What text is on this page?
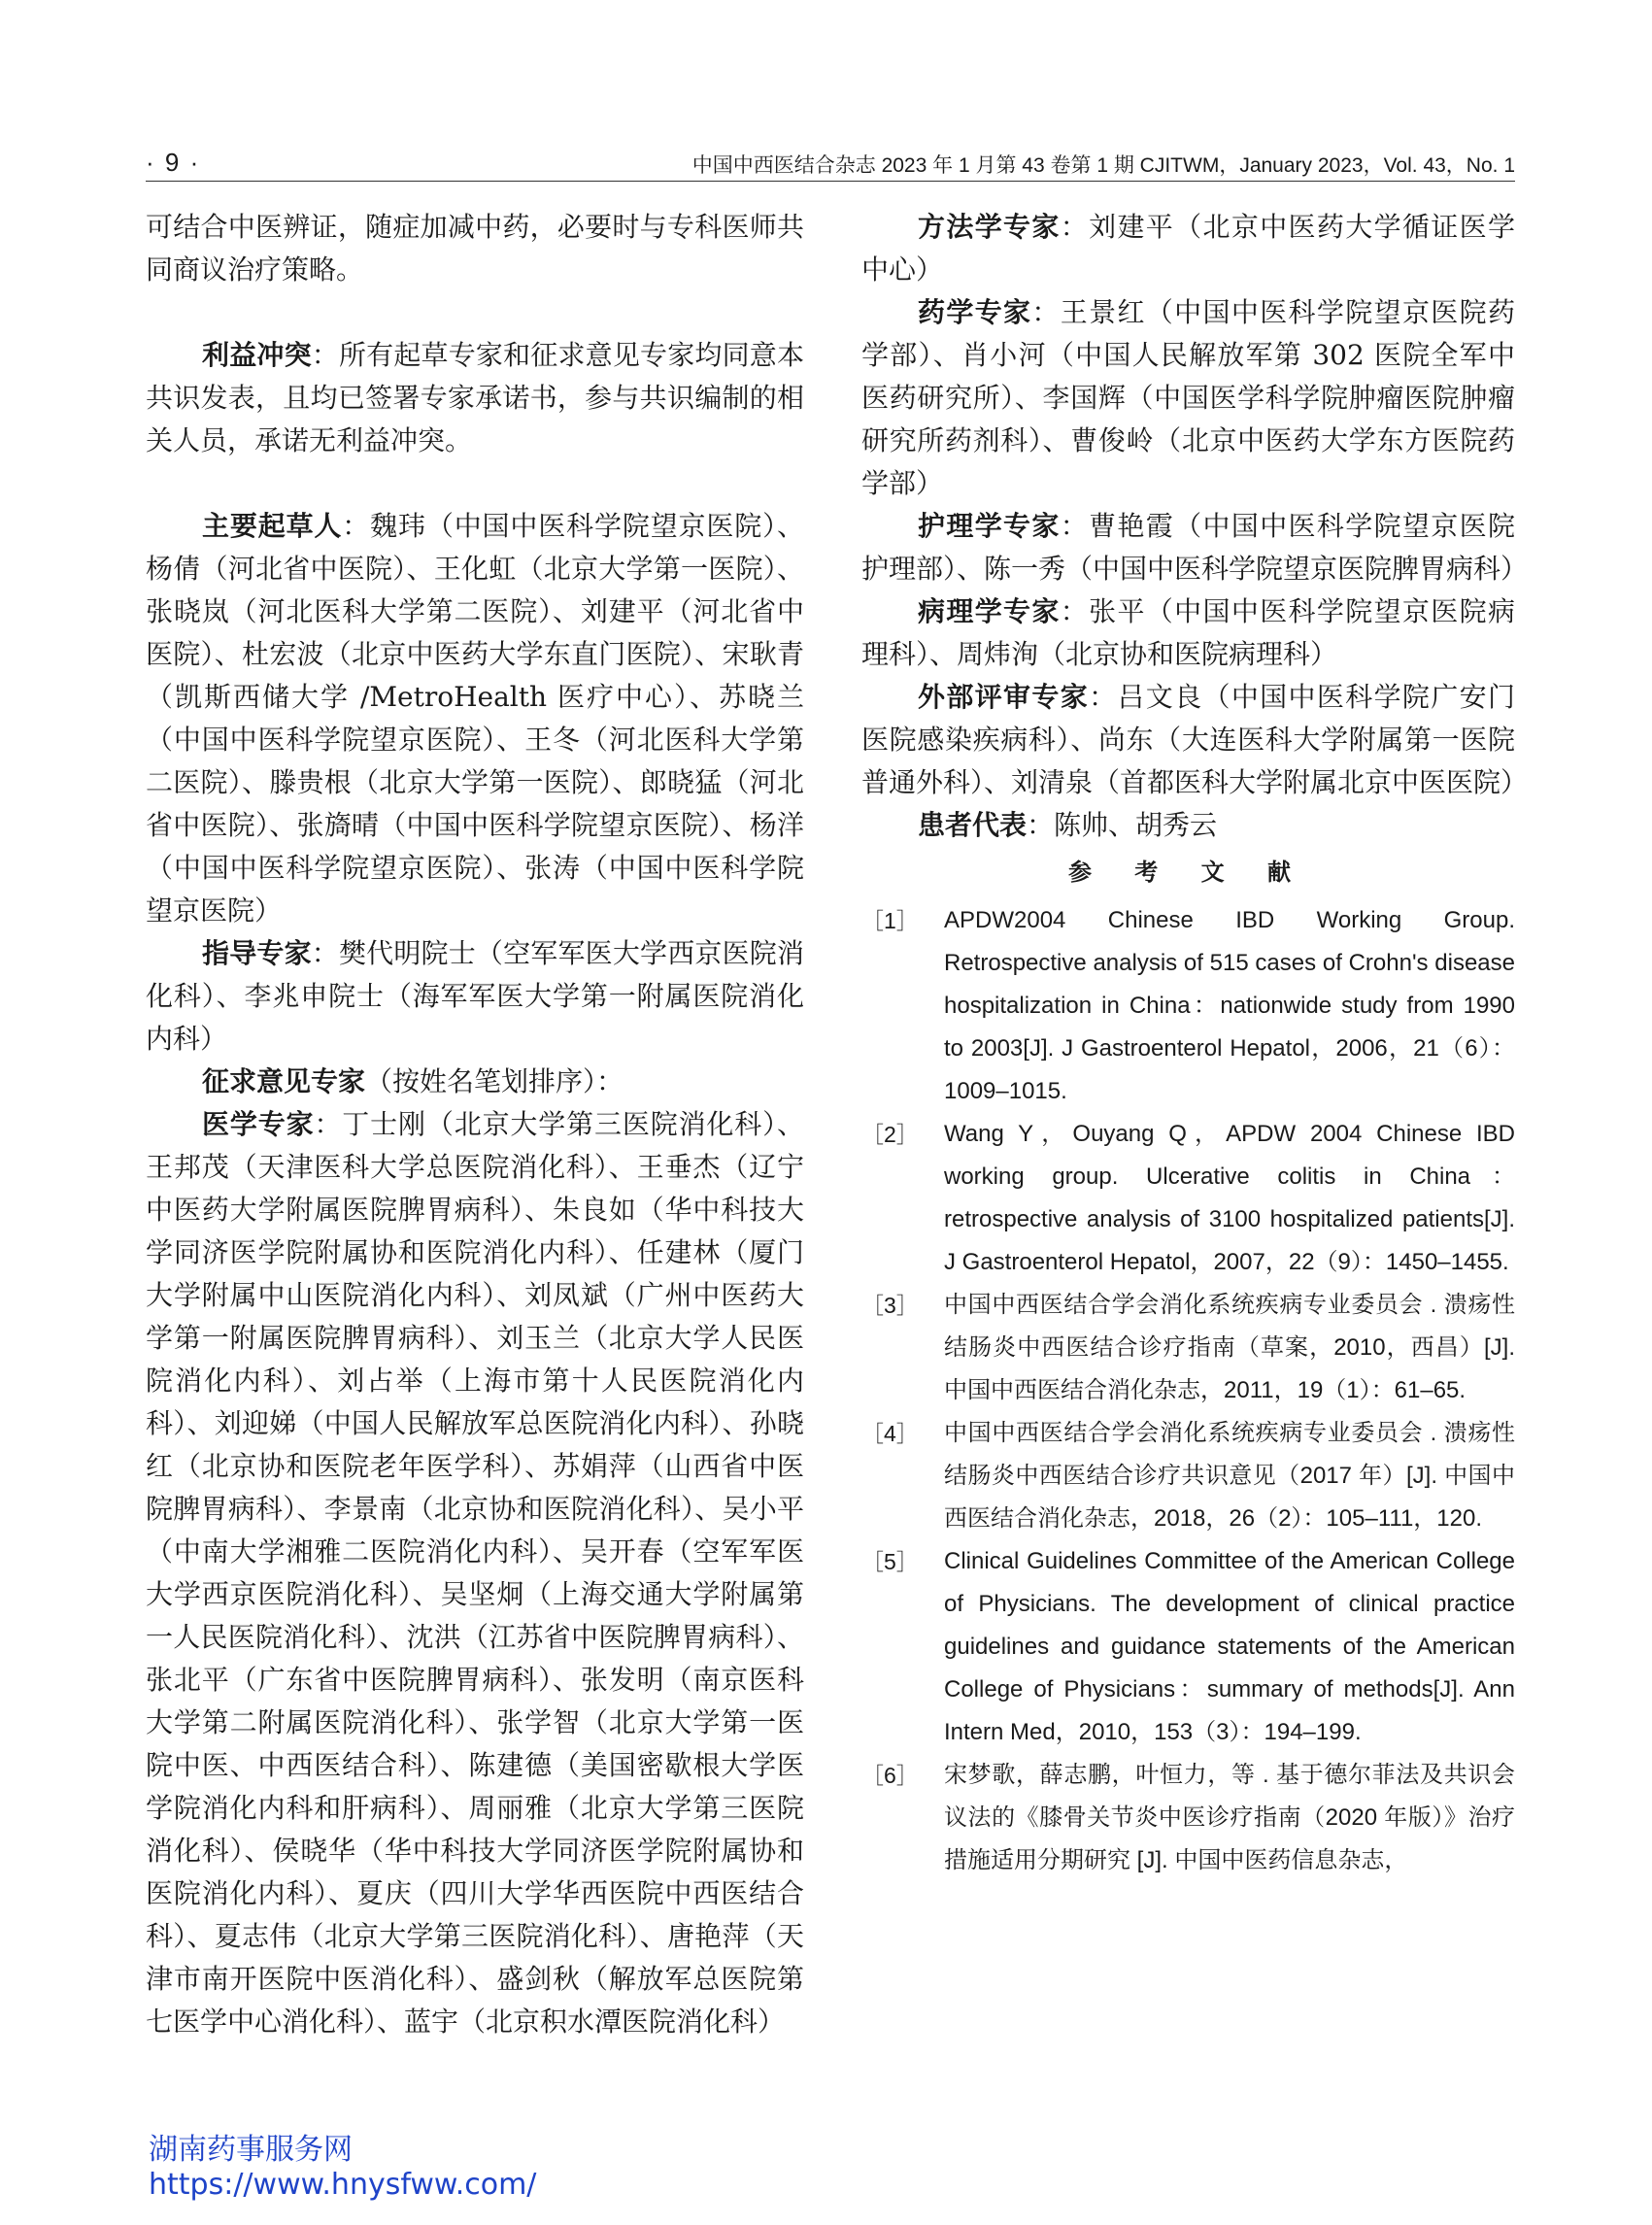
· 9 ·	中国中西医结合杂志 2023 年 1 月第 43 卷第 1 期 CJITWM，January 2023，Vol. 43，No. 1

可结合中医辨证，随症加减中药，必要时与专科医师共同商议治疗策略。

利益冲突：所有起草专家和征求意见专家均同意本共识发表，且均已签署专家承诺书，参与共识编制的相关人员，承诺无利益冲突。

主要起草人：魏玮（中国中医科学院望京医院）、杨倩（河北省中医院）、王化虹（北京大学第一医院）、张晓岚（河北医科大学第二医院）、刘建平（河北省中医院）、杜宏波（北京中医药大学东直门医院）、宋耿青（凯斯西储大学 /MetroHealth 医疗中心）、苏晓兰（中国中医科学院望京医院）、王冬（河北医科大学第二医院）、滕贵根（北京大学第一医院）、郎晓猛（河北省中医院）、张旖晴（中国中医科学院望京医院）、杨洋（中国中医科学院望京医院）、张涛（中国中医科学院望京医院）

指导专家：樊代明院士（空军军医大学西京医院消化科）、李兆申院士（海军军医大学第一附属医院消化内科）

征求意见专家（按姓名笔划排序）：

医学专家：丁士刚（北京大学第三医院消化科）、王邦茂（天津医科大学总医院消化科）、王垂杰（辽宁中医药大学附属医院脾胃病科）、朱良如（华中科技大学同济医学院附属协和医院消化内科）、任建林（厦门大学附属中山医院消化内科）、刘凤斌（广州中医药大学第一附属医院脾胃病科）、刘玉兰（北京大学人民医院消化内科）、刘占举（上海市第十人民医院消化内科）、刘迎娣（中国人民解放军总医院消化内科）、孙晓红（北京协和医院老年医学科）、苏娟萍（山西省中医院脾胃病科）、李景南（北京协和医院消化科）、吴小平（中南大学湘雅二医院消化内科）、吴开春（空军军医大学西京医院消化科）、吴坚炯（上海交通大学附属第一人民医院消化科）、沈洪（江苏省中医院脾胃病科）、张北平（广东省中医院脾胃病科）、张发明（南京医科大学第二附属医院消化科）、张学智（北京大学第一医院中医、中西医结合科）、陈建德（美国密歇根大学医学院消化内科和肝病科）、周丽雅（北京大学第三医院消化科）、侯晓华（华中科技大学同济医学院附属协和医院消化内科）、夏庆（四川大学华西医院中西医结合科）、夏志伟（北京大学第三医院消化科）、唐艳萍（天津市南开医院中医消化科）、盛剑秋（解放军总医院第七医学中心消化科）、蓝宇（北京积水潭医院消化科）

方法学专家：刘建平（北京中医药大学循证医学中心）

药学专家：王景红（中国中医科学院望京医院药学部）、肖小河（中国人民解放军第 302 医院全军中医药研究所）、李国辉（中国医学科学院肿瘤医院肿瘤研究所药剂科）、曹俊岭（北京中医药大学东方医院药学部）

护理学专家：曹艳霞（中国中医科学院望京医院护理部）、陈一秀（中国中医科学院望京医院脾胃病科）

病理学专家：张平（中国中医科学院望京医院病理科）、周炜洵（北京协和医院病理科）

外部评审专家：吕文良（中国中医科学院广安门医院感染疾病科）、尚东（大连医科大学附属第一医院普通外科）、刘清泉（首都医科大学附属北京中医医院）

患者代表：陈帅、胡秀云

参 考 文 献
［1］	APDW2004 Chinese IBD Working Group. Retrospective analysis of 515 cases of Crohn's disease hospitalization in China：nationwide study from 1990 to 2003[J]. J Gastroenterol Hepatol，2006，21（6）：1009–1015.
［2］	Wang Y，Ouyang Q，APDW 2004 Chinese IBD working group. Ulcerative colitis in China：retrospective analysis of 3100 hospitalized patients[J]. J Gastroenterol Hepatol，2007，22（9）：1450–1455.
［3］	中国中西医结合学会消化系统疾病专业委员会 . 溃疡性结肠炎中西医结合诊疗指南（草案，2010，西昌）[J]. 中国中西医结合消化杂志，2011，19（1）：61–65.
［4］	中国中西医结合学会消化系统疾病专业委员会 . 溃疡性结肠炎中西医结合诊疗共识意见（2017 年）[J]. 中国中西医结合消化杂志，2018，26（2）：105–111，120.
［5］	Clinical Guidelines Committee of the American College of Physicians. The development of clinical practice guidelines and guidance statements of the American College of Physicians：summary of methods[J]. Ann Intern Med，2010，153（3）：194–199.
［6］	宋梦歌，薛志鹏，叶恒力，等 . 基于德尔菲法及共识会议法的《膝骨关节炎中医诊疗指南（2020 年版）》治疗措施适用分期研究 [J]. 中国中医药信息杂志，
湖南药事服务网
https://www.hnysfww.com/
